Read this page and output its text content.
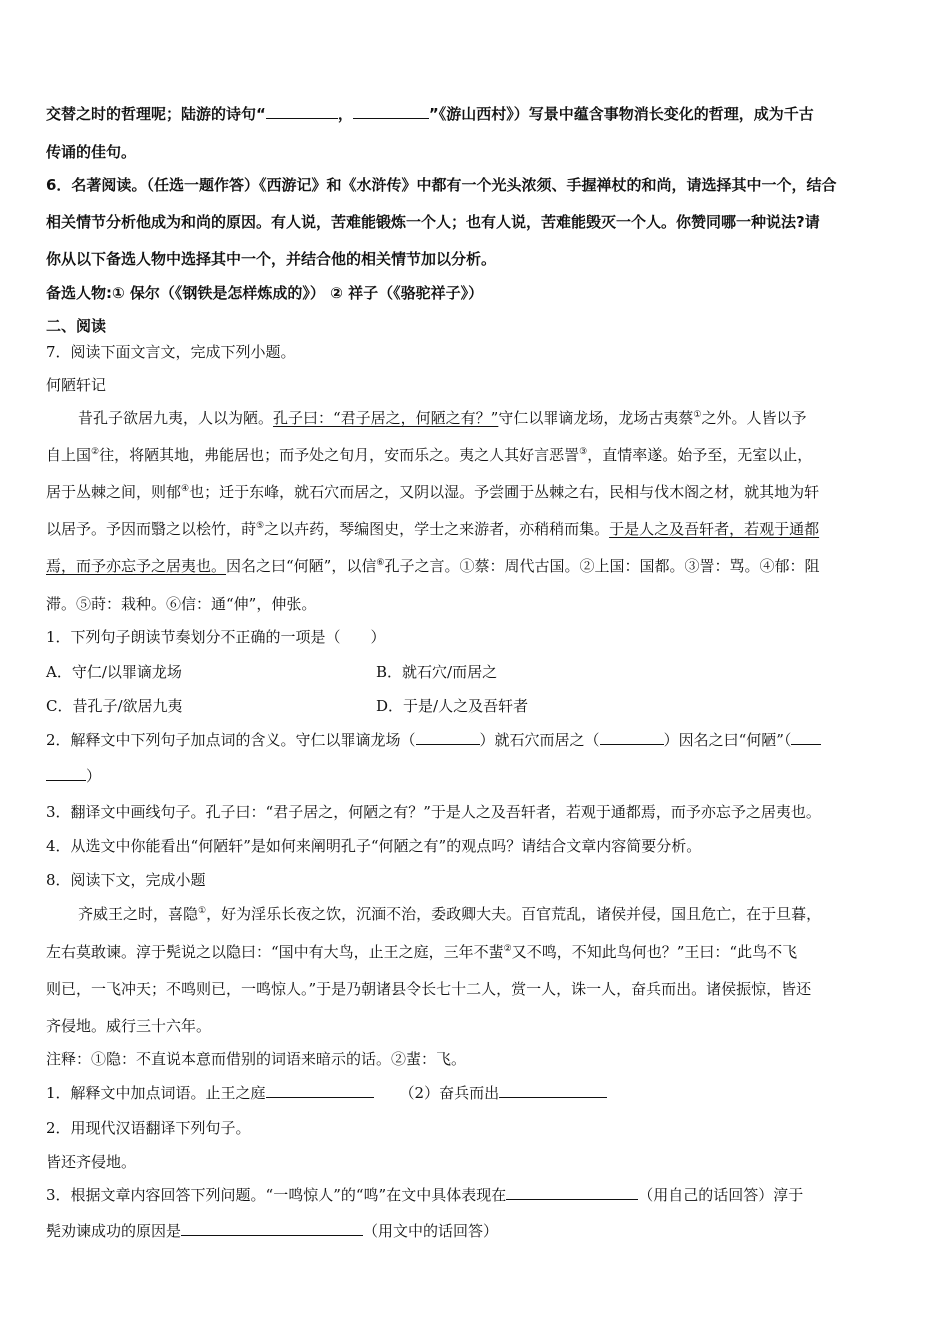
交替之时的哲理呢；陆游的诗句“	，	”《游山西村》）写景中蕴含事物消长变化的哲理，成为千古
传诵的佳句。
6．名著阅读。（任选一题作答）《西游记》和《水浒传》中都有一个光头浓须、手握禅杖的和尚，请选择其中一个，结合
相关情节分析他成为和尚的原因。有人说，苦难能锻炼一个人；也有人说，苦难能毁灭一个人。你赞同哪一种说法?请
你从以下备选人物中选择其中一个，并结合他的相关情节加以分析。
备选人物:① 保尔（《钢铁是怎样炼成的》） ② 祥子（《骆驼祥子》）
二、阅读
7．阅读下面文言文，完成下列小题。
何陋轩记
昔孔子欲居九夷，人以为陋。孔子曰：“君子居之，何陋之有？”守仁以罪谪龙场，龙场古夷蔡①之外。人皆以予
自上国②往，将陋其地，弗能居也；而予处之旬月，安而乐之。夷之人其好言恶詈③，直情率遂。始予至，无室以止，
居于丛棘之间，则郁④也；迁于东峰，就石穴而居之，又阴以湿。予尝圃于丛棘之右，民相与伐木阁之材，就其地为轩
以居予。予因而翳之以桧竹，莳⑤之以卉药，琴编图史，学士之来游者，亦稍稍而集。于是人之及吾轩者，若观于通都
焉，而予亦忘予之居夷也。因名之曰“何陋”，以信⑥孔子之言。①蔡：周代古国。②上国：国都。③詈：骂。④郁：阻
滞。⑤莳：栽种。⑥信：通“伸”，伸张。
1．下列句子朗读节奏划分不正确的一项是（　　）
A．守仁/以罪谪龙场	B．就石穴/而居之
C．昔孔子/欲居九夷	D．于是/人之及吾轩者
2．解释文中下列句子加点词的含义。守仁以罪谪龙场（	）就石穴而居之（	）因名之曰“何陋”（
）
3．翻译文中画线句子。孔子曰：“君子居之，何陋之有？”于是人之及吾轩者，若观于通都焉，而予亦忘予之居夷也。
4．从选文中你能看出“何陋轩”是如何来阐明孔子“何陋之有”的观点吗？请结合文章内容简要分析。
8．阅读下文，完成小题
齐威王之时，喜隐①，好为淫乐长夜之饮，沉湎不治，委政卿大夫。百官荒乱，诸侯并侵，国且危亡，在于旦暮，
左右莫敢谏。淳于髡说之以隐曰：“国中有大鸟，止王之庭，三年不蜚②又不鸣，不知此鸟何也？”王曰：“此鸟不飞
则已，一飞冲天；不鸣则已，一鸣惊人。”于是乃朝诸县令长七十二人，赏一人，诛一人，奋兵而出。诸侯振惊，皆还
齐侵地。威行三十六年。
注释：①隐：不直说本意而借别的词语来暗示的话。②蜚：飞。
1．解释文中加点词语。止王之庭	（2）奋兵而出
2．用现代汉语翻译下列句子。
皆还齐侵地。
3．根据文章内容回答下列问题。“一鸣惊人”的“鸣”在文中具体表现在	（用自己的话回答）淳于
髡劝谏成功的原因是	（用文中的话回答）
